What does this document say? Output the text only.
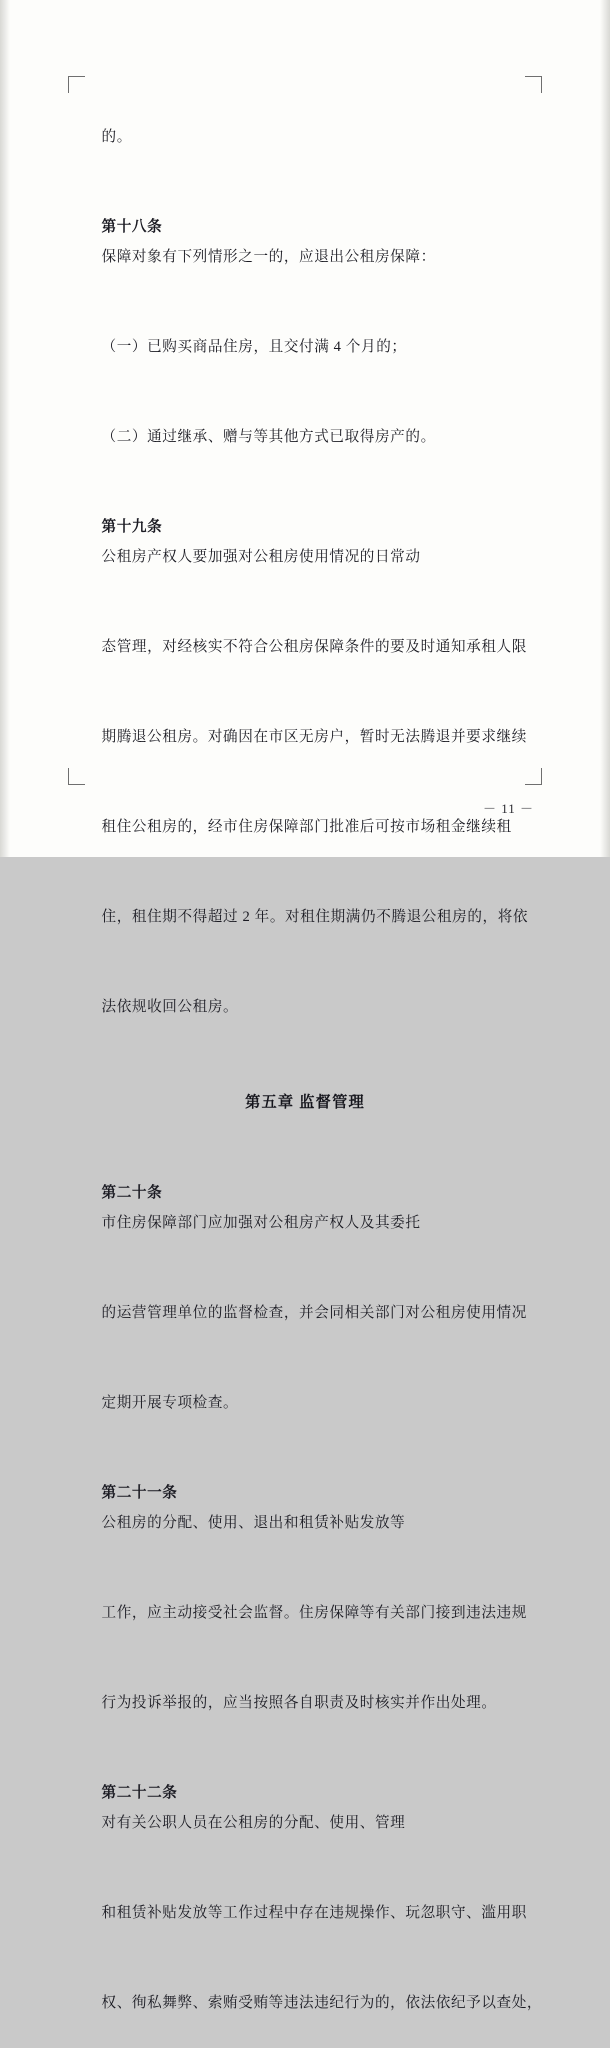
的。

第十八条
保障对象有下列情形之一的，应退出公租房保障：

（一）已购买商品住房，且交付满 4 个月的；

（二）通过继承、赠与等其他方式已取得房产的。

第十九条
公租房产权人要加强对公租房使用情况的日常动

态管理，对经核实不符合公租房保障条件的要及时通知承租人限

期腾退公租房。对确因在市区无房户，暂时无法腾退并要求继续

租住公租房的，经市住房保障部门批准后可按市场租金继续租

住，租住期不得超过 2 年。对租住期满仍不腾退公租房的，将依

法依规收回公租房。

第五章 监督管理

第二十条
市住房保障部门应加强对公租房产权人及其委托

的运营管理单位的监督检查，并会同相关部门对公租房使用情况

定期开展专项检查。

第二十一条
公租房的分配、使用、退出和租赁补贴发放等

工作，应主动接受社会监督。住房保障等有关部门接到违法违规

行为投诉举报的，应当按照各自职责及时核实并作出处理。

第二十二条
对有关公职人员在公租房的分配、使用、管理

和租赁补贴发放等工作过程中存在违规操作、玩忽职守、滥用职

权、徇私舞弊、索贿受贿等违法违纪行为的，依法依纪予以查处，

－ 11 －
